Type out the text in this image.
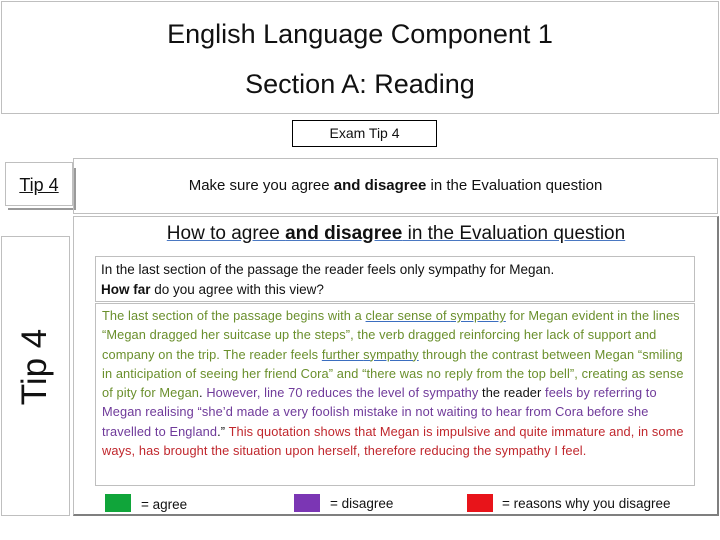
English Language Component 1
Section A: Reading
Exam Tip 4
Tip 4	Make sure you agree and disagree in the Evaluation question
Tip 4
How to agree and disagree in the Evaluation question
In the last section of the passage the reader feels only sympathy for Megan.
How far do you agree with this view?
The last section of the passage begins with a clear sense of sympathy for Megan evident in the lines “Megan dragged her suitcase up the steps”, the verb dragged reinforcing her lack of support and company on the trip. The reader feels further sympathy through the contrast between Megan “smiling in anticipation of seeing her friend Cora” and “there was no reply from the top bell”, creating as sense of pity for Megan. However, line 70 reduces the level of sympathy the reader feels by referring to Megan realising “she’d made a very foolish mistake in not waiting to hear from Cora before she travelled to England.” This quotation shows that Megan is impulsive and quite immature and, in some ways, has brought the situation upon herself, therefore reducing the sympathy I feel.
= agree	= disagree	= reasons why you disagree
